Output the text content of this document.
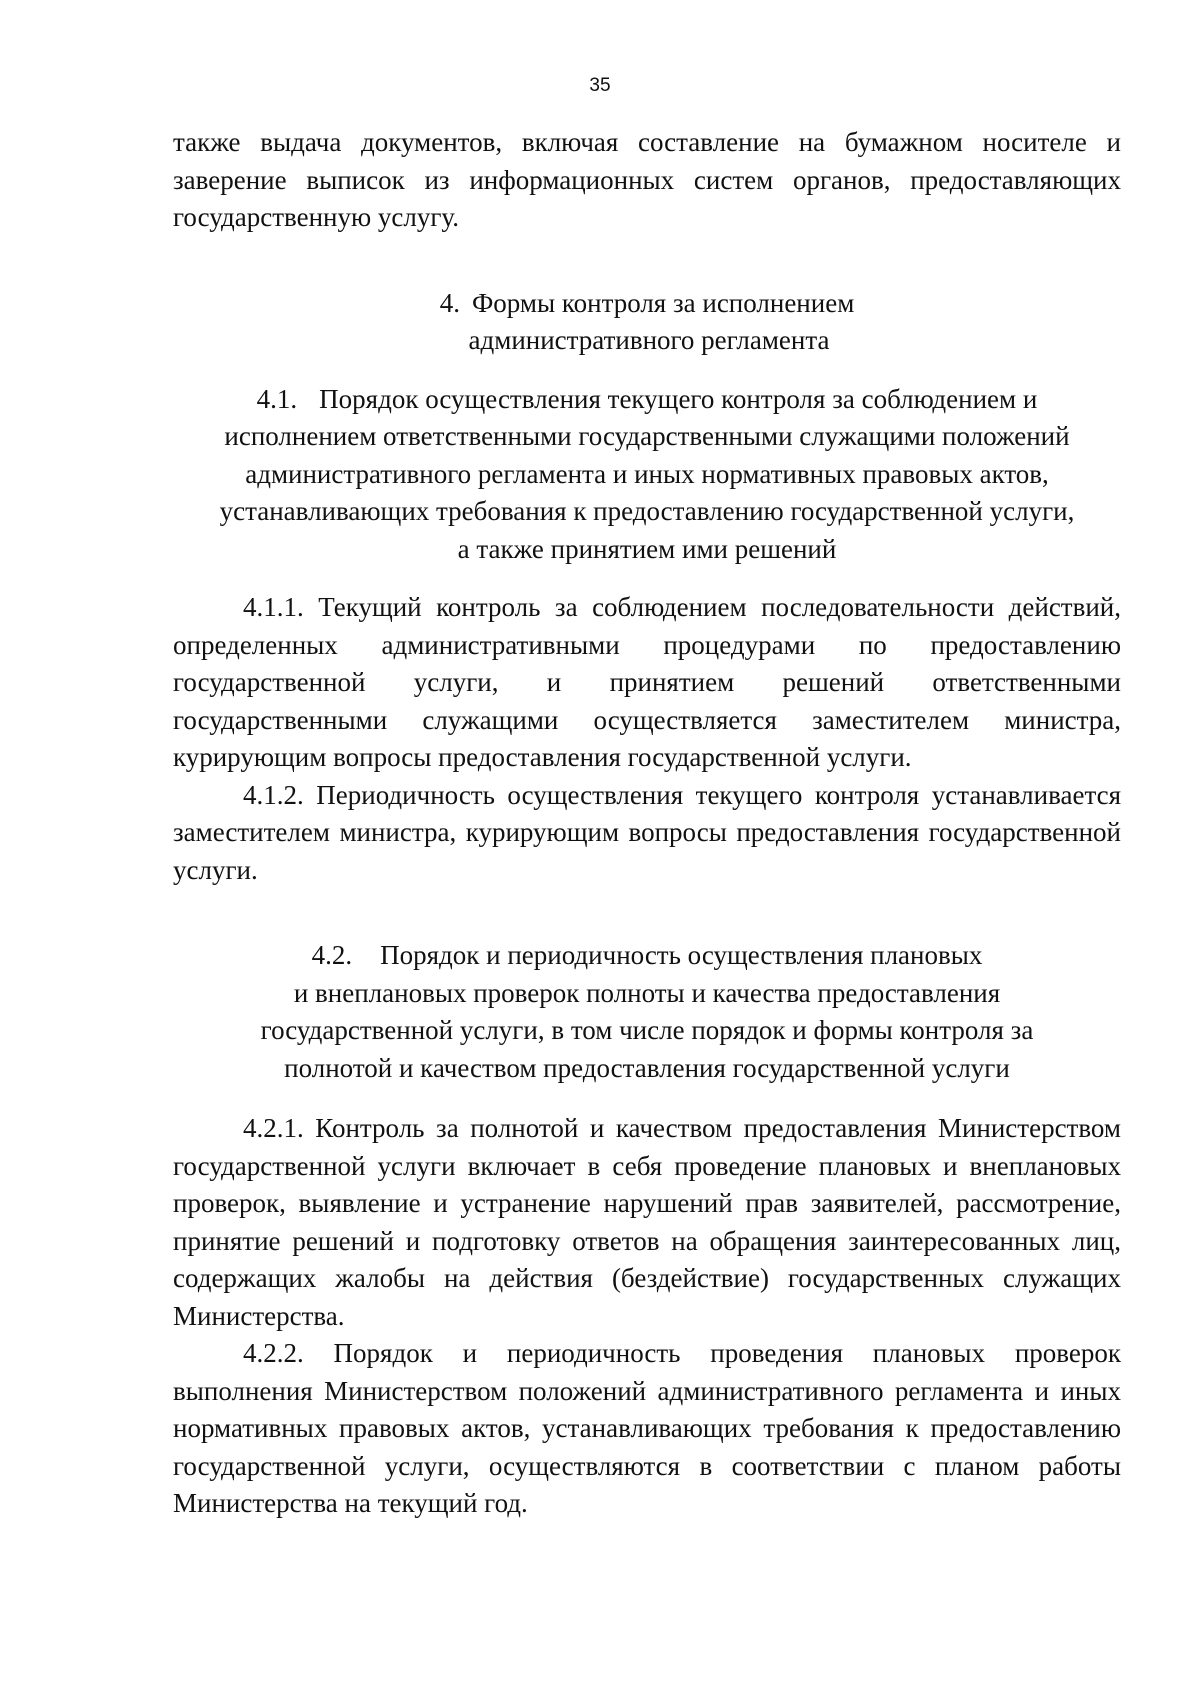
35

также выдача документов, включая составление на бумажном носителе и заверение выписок из информационных систем органов, предоставляющих государственную услугу.

4. Формы контроля за исполнением
административного регламента
4.1. Порядок осуществления текущего контроля за соблюдением и
исполнением ответственными государственными служащими положений
административного регламента и иных нормативных правовых актов,
устанавливающих требования к предоставлению государственной услуги,
а также принятием ими решений

4.1.1. Текущий контроль за соблюдением последовательности действий, определенных административными процедурами по предоставлению государственной услуги, и принятием решений ответственными государственными служащими осуществляется заместителем министра, курирующим вопросы предоставления государственной услуги.

4.1.2. Периодичность осуществления текущего контроля устанавливается заместителем министра, курирующим вопросы предоставления государственной услуги.

4.2. Порядок и периодичность осуществления плановых
и внеплановых проверок полноты и качества предоставления
государственной услуги, в том числе порядок и формы контроля за
полнотой и качеством предоставления государственной услуги

4.2.1. Контроль за полнотой и качеством предоставления Министерством государственной услуги включает в себя проведение плановых и внеплановых проверок, выявление и устранение нарушений прав заявителей, рассмотрение, принятие решений и подготовку ответов на обращения заинтересованных лиц, содержащих жалобы на действия (бездействие) государственных служащих Министерства.

4.2.2. Порядок и периодичность проведения плановых проверок выполнения Министерством положений административного регламента и иных нормативных правовых актов, устанавливающих требования к предоставлению государственной услуги, осуществляются в соответствии с планом работы Министерства на текущий год.
